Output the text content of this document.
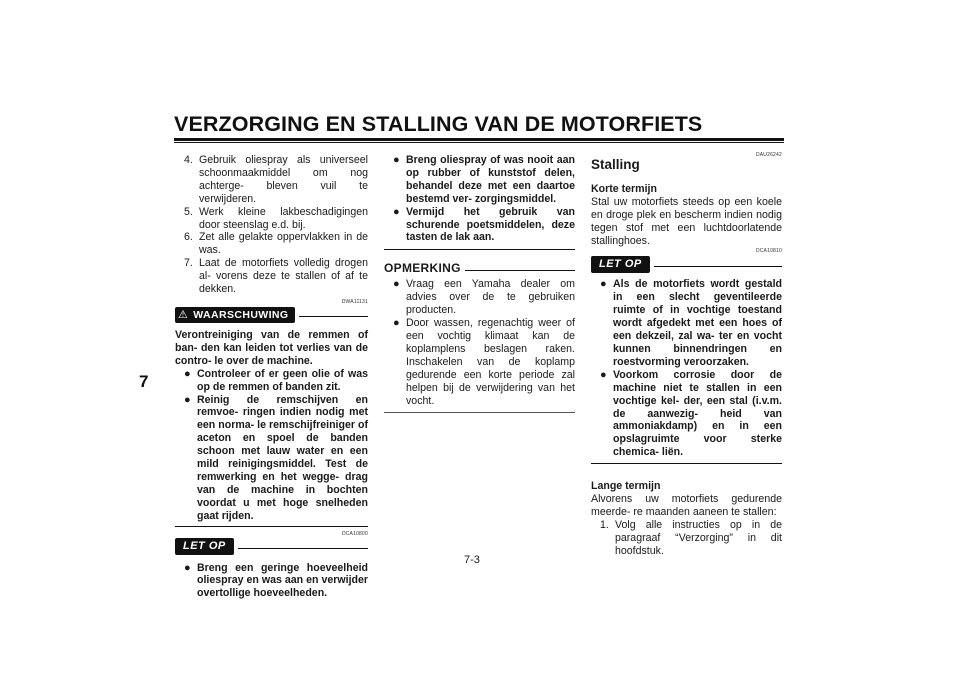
VERZORGING EN STALLING VAN DE MOTORFIETS
7
4. Gebruik oliespray als universeel schoonmaakmiddel om nog achterge- bleven vuil te verwijderen.
5. Werk kleine lakbeschadigingen door steenslag e.d. bij.
6. Zet alle gelakte oppervlakken in de was.
7. Laat de motorfiets volledig drogen al- vorens deze te stallen of af te dekken.
DWA11131
⚠ WAARSCHUWING
Verontreiniging van de remmen of ban- den kan leiden tot verlies van de contro- le over de machine.
● Controleer of er geen olie of was op de remmen of banden zit.
● Reinig de remschijven en remvoe- ringen indien nodig met een norma- le remschijfreiniger of aceton en spoel de banden schoon met lauw water en een mild reinigingsmiddel. Test de remwerking en het wegge- drag van de machine in bochten voordat u met hoge snelheden gaat rijden.
DCA10800
LET OP
● Breng een geringe hoeveelheid oliespray en was aan en verwijder overtollige hoeveelheden.
● Breng oliespray of was nooit aan op rubber of kunststof delen, behandel deze met een daartoe bestemd ver- zorgingsmiddel.
● Vermijd het gebruik van schurende poetsmiddelen, deze tasten de lak aan.
OPMERKING
● Vraag een Yamaha dealer om advies over de te gebruiken producten.
● Door wassen, regenachtig weer of een vochtig klimaat kan de koplamplens beslagen raken. Inschakelen van de koplamp gedurende een korte periode zal helpen bij de verwijdering van het vocht.
DAU26242
Stalling
Korte termijn
Stal uw motorfiets steeds op een koele en droge plek en bescherm indien nodig tegen stof met een luchtdoorlatende stallinghoes.
DCA10810
LET OP
● Als de motorfiets wordt gestald in een slecht geventileerde ruimte of in vochtige toestand wordt afgedekt met een hoes of een dekzeil, zal wa- ter en vocht kunnen binnendringen en roestvorming veroorzaken.
● Voorkom corrosie door de machine niet te stallen in een vochtige kel- der, een stal (i.v.m. de aanwezig- heid van ammoniakdamp) en in een opslagruimte voor sterke chemica- liën.
Lange termijn
Alvorens uw motorfiets gedurende meerde- re maanden aaneen te stallen:
1. Volg alle instructies op in de paragraaf “Verzorging” in dit hoofdstuk.
7-3
